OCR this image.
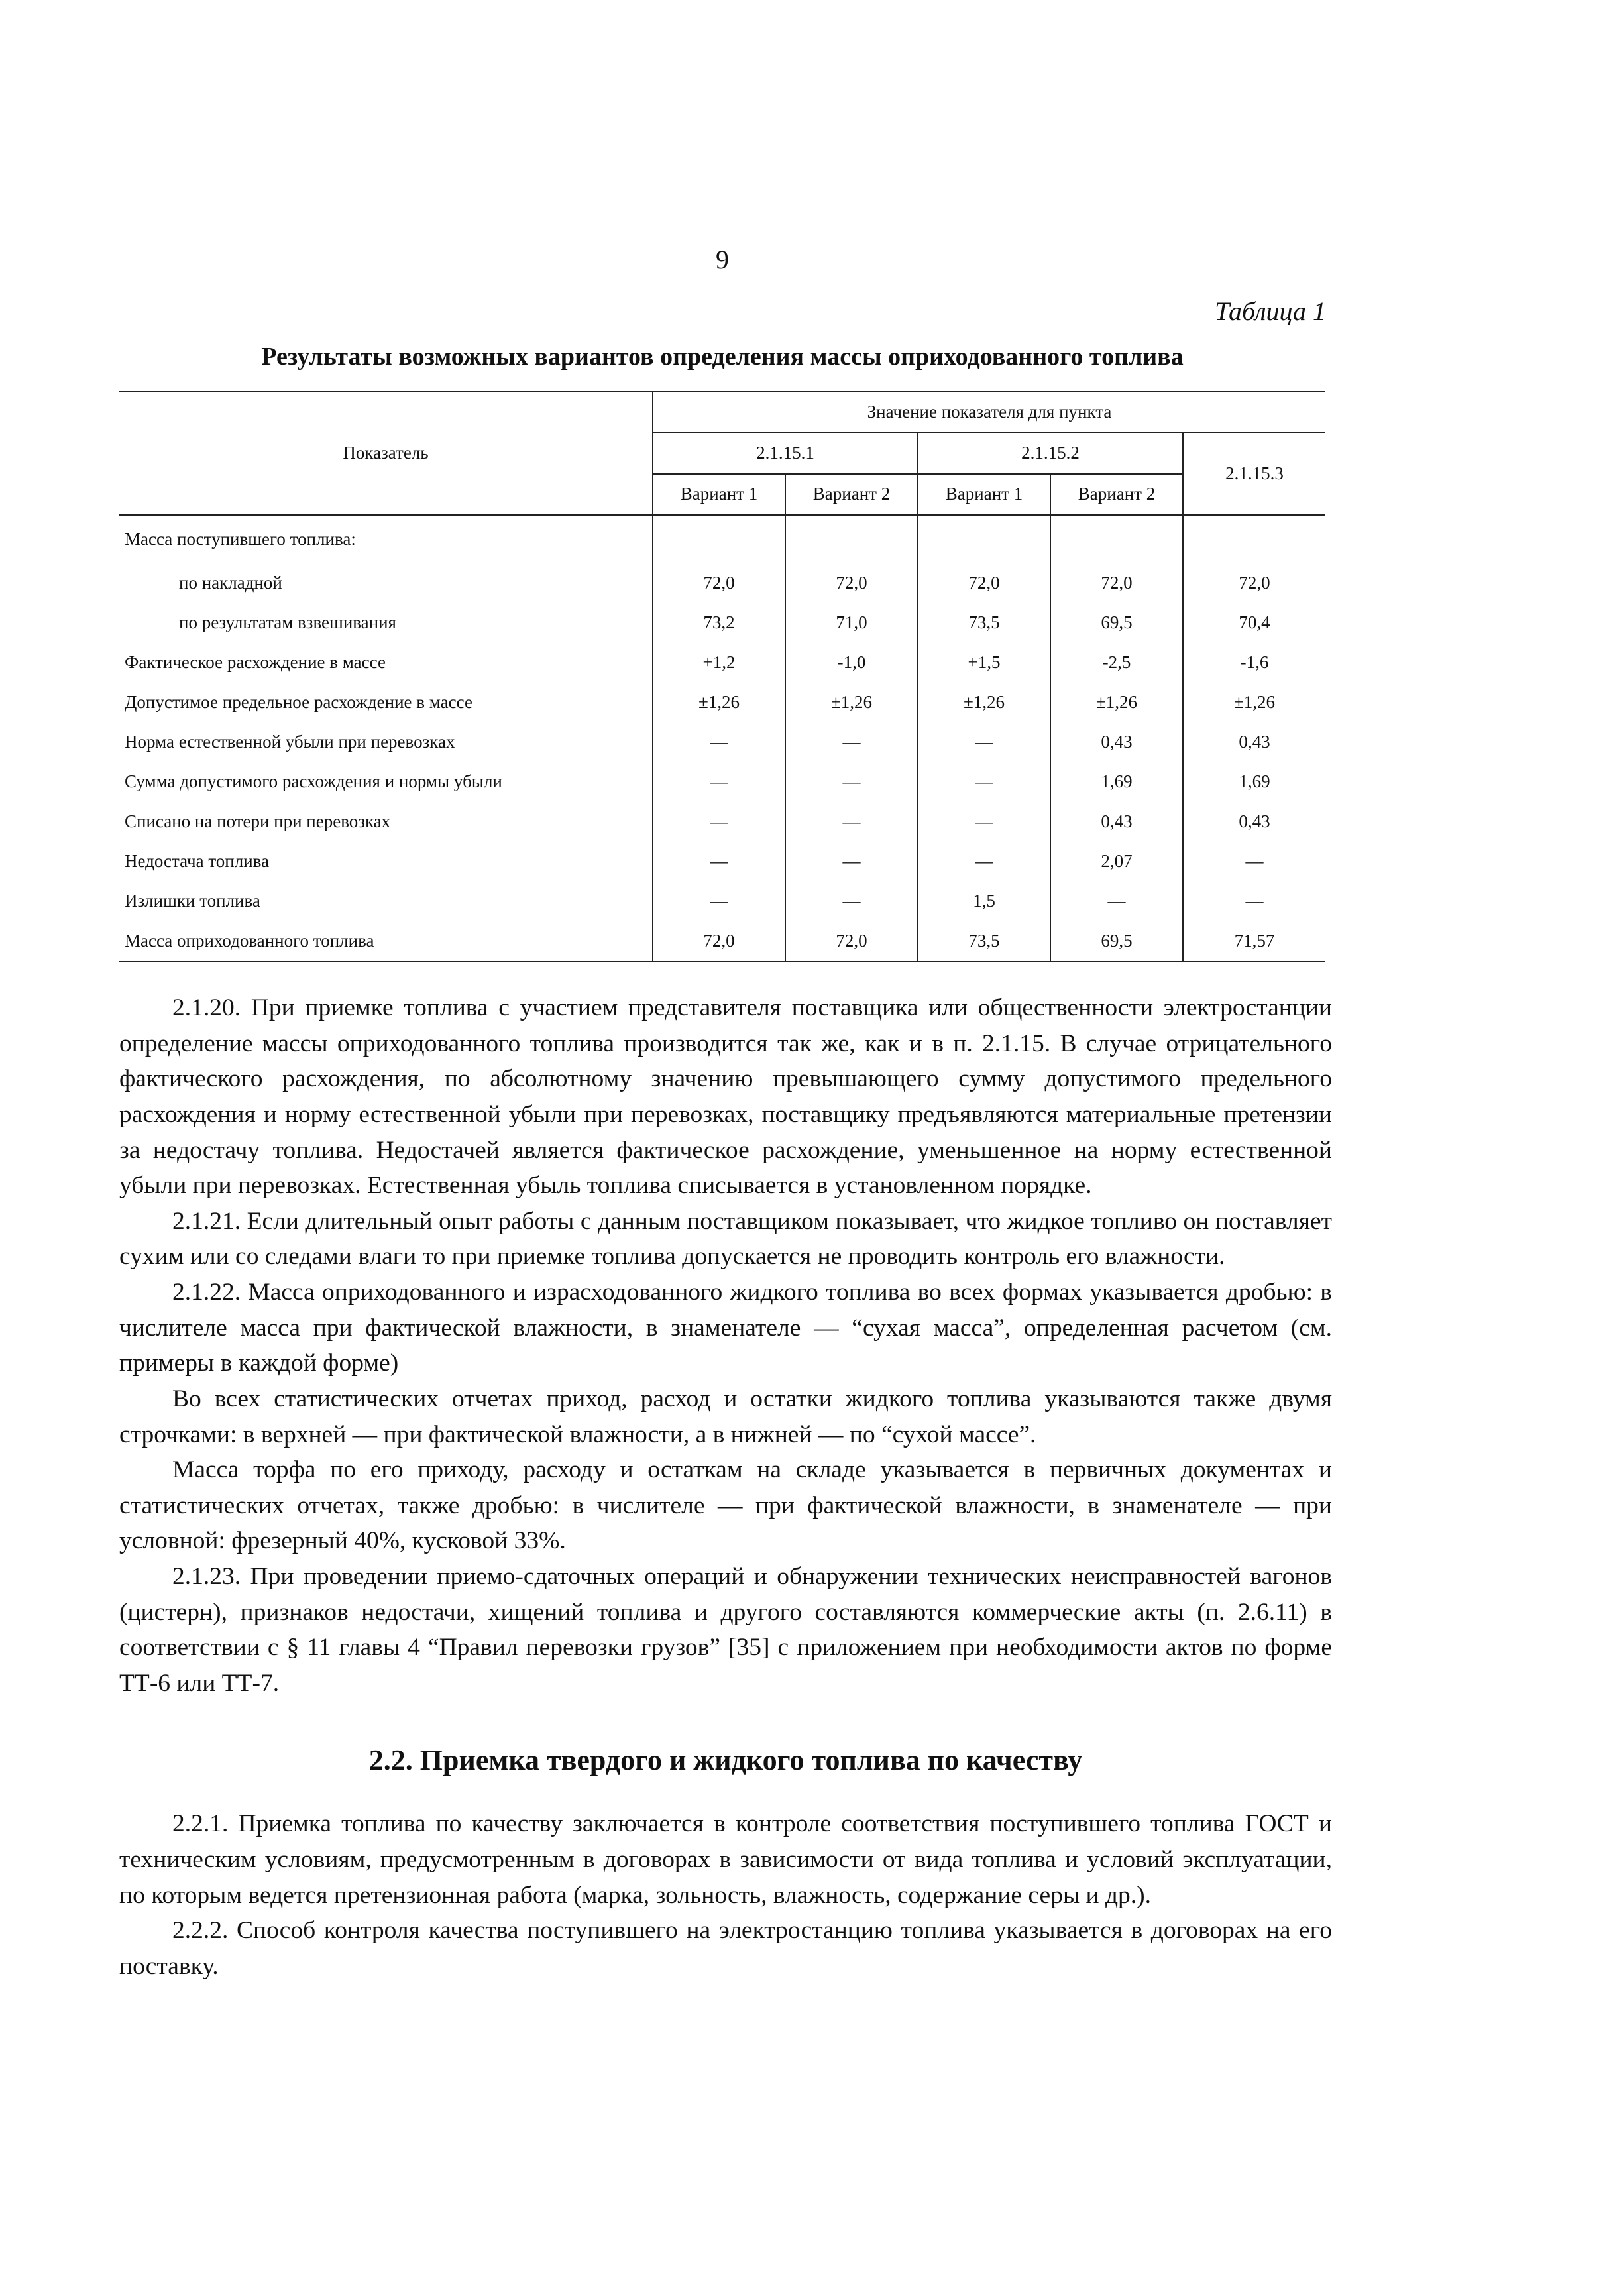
9
Таблица 1
Результаты возможных вариантов определения массы оприходованного топлива
Показатель	Значение показателя для пункта				
	2.1.15.1		2.1.15.2		2.1.15.3
	Вариант 1	Вариант 2	Вариант 1	Вариант 2	
Масса поступившего топлива:					
по накладной	72,0	72,0	72,0	72,0	72,0
по результатам взвешивания	73,2	71,0	73,5	69,5	70,4
Фактическое расхождение в массе	+1,2	-1,0	+1,5	-2,5	-1,6
Допустимое предельное расхождение в массе	±1,26	±1,26	±1,26	±1,26	±1,26
Норма естественной убыли при перевозках	—	—	—	0,43	0,43
Сумма допустимого расхождения и нормы убыли	—	—	—	1,69	1,69
Списано на потери при перевозках	—	—	—	0,43	0,43
Недостача топлива	—	—	—	2,07	—
Излишки топлива	—	—	1,5	—	—
Масса оприходованного топлива	72,0	72,0	73,5	69,5	71,57

2.1.20. При приемке топлива с участием представителя поставщика или общественности электростанции определение массы оприходованного топлива производится так же, как и в п. 2.1.15. В случае отрицательного фактического расхождения, по абсолютному значению превышающего сумму допустимого предельного расхождения и норму естественной убыли при перевозках, поставщику предъявляются материальные претензии за недостачу топлива. Недостачей является фактическое расхождение, уменьшенное на норму естественной убыли при перевозках. Естественная убыль топлива списывается в установленном порядке.

2.1.21. Если длительный опыт работы с данным поставщиком показывает, что жидкое топливо он поставляет сухим или со следами влаги то при приемке топлива допускается не проводить контроль его влажности.

2.1.22. Масса оприходованного и израсходованного жидкого топлива во всех формах указывается дробью: в числителе масса при фактической влажности, в знаменателе — “сухая масса”, определенная расчетом (см. примеры в каждой форме)

Во всех статистических отчетах приход, расход и остатки жидкого топлива указываются также двумя строчками: в верхней — при фактической влажности, а в нижней — по “сухой массе”.

Масса торфа по его приходу, расходу и остаткам на складе указывается в первичных документах и статистических отчетах, также дробью: в числителе — при фактической влажности, в знаменателе — при условной: фрезерный 40%, кусковой 33%.

2.1.23. При проведении приемо-сдаточных операций и обнаружении технических неисправностей вагонов (цистерн), признаков недостачи, хищений топлива и другого составляются коммерческие акты (п. 2.6.11) в соответствии с § 11 главы 4 “Правил перевозки грузов” [35] с приложением при необходимости актов по форме ТТ-6 или ТТ-7.

2.2. Приемка твердого и жидкого топлива по качеству

2.2.1. Приемка топлива по качеству заключается в контроле соответствия поступившего топлива ГОСТ и техническим условиям, предусмотренным в договорах в зависимости от вида топлива и условий эксплуатации, по которым ведется претензионная работа (марка, зольность, влажность, содержание серы и др.).

2.2.2. Способ контроля качества поступившего на электростанцию топлива указывается в договорах на его поставку.
